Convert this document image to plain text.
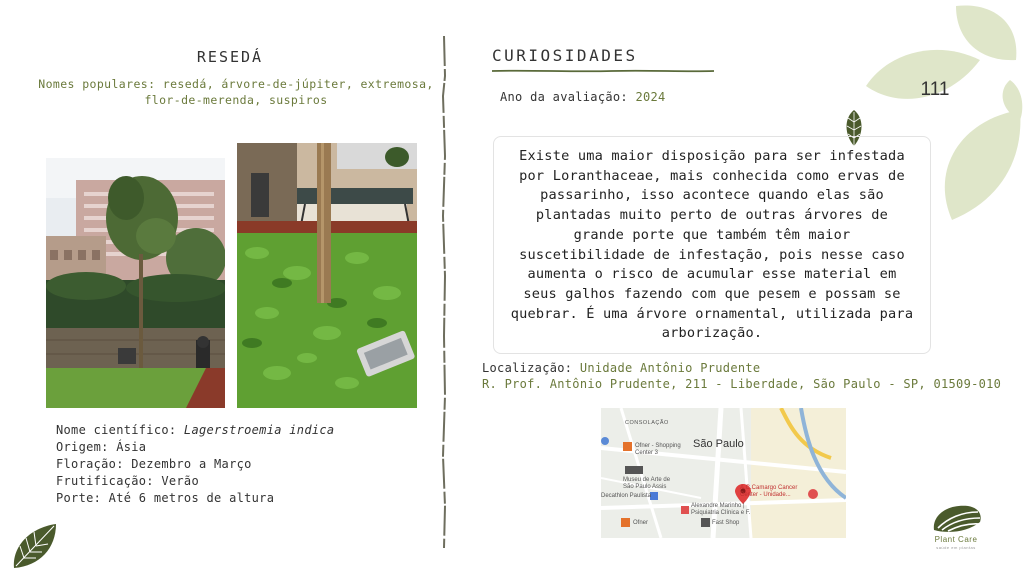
111
RESEDÁ
Nomes populares: resedá, árvore-de-júpiter, extremosa, flor-de-merenda, suspiros
Nome científico: Lagerstroemia indica
Origem: Ásia
Floração: Dezembro a Março
Frutificação: Verão
Porte: Até 6 metros de altura
CURIOSIDADES
Ano da avaliação: 2024
Existe uma maior disposição para ser infestada por Loranthaceae, mais conhecida como ervas de passarinho, isso acontece quando elas são plantadas muito perto de outras árvores de grande porte que também têm maior suscetibilidade de infestação, pois nesse caso aumenta o risco de acumular esse material em seus galhos fazendo com que pesem e possam se quebrar. É uma árvore ornamental, utilizada para arborização.
Localização: Unidade Antônio Prudente
R. Prof. Antônio Prudente, 211 - Liberdade, São Paulo - SP, 01509-010
CONSOLAÇÃO
São Paulo
Ofner - Shopping
Center 3
Museu de Arte de
São Paulo Assis
Decathlon Paulista
A.C.Camargo Cancer
Center - Unidade...
Alexandre Marinho |
Psiquiatria Clínica e F.
Ofner	Fast Shop
Plant Care
saúde em plantas
